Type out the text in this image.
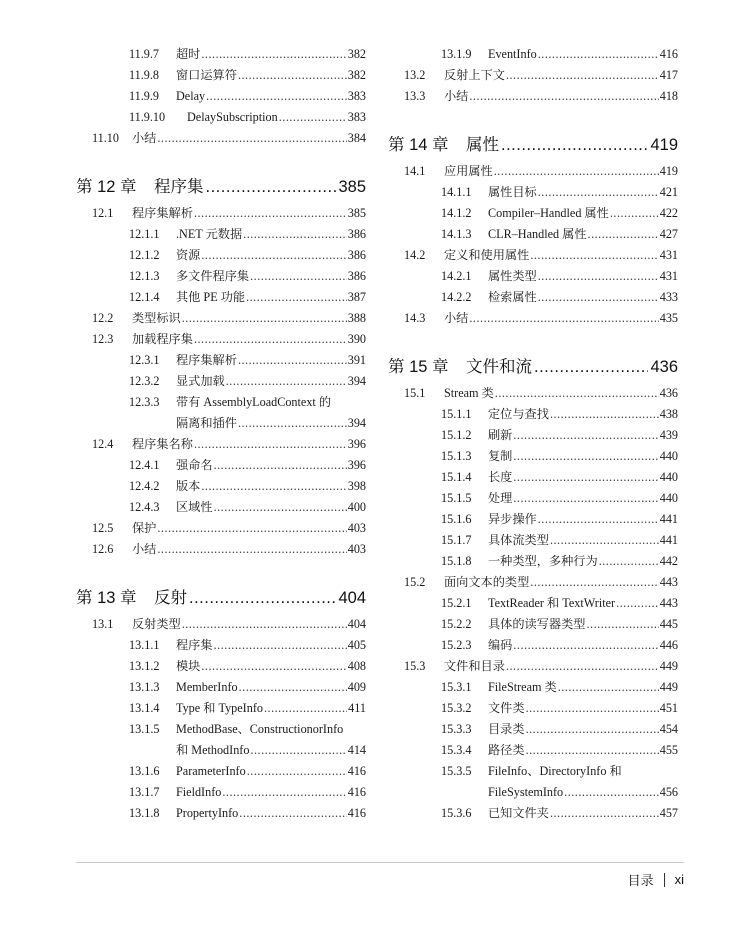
11.9.7	超时 .....	382
11.9.8	窗口运算符 .....	382
11.9.9	Delay .....	383
11.9.10	DelaySubscription .....	383
11.10	小结 .....	384
第 12 章	程序集 .....	385
12.1	程序集解析 .....	385
12.1.1	.NET 元数据 .....	386
12.1.2	资源 .....	386
12.1.3	多文件程序集 .....	386
12.1.4	其他 PE 功能 .....	387
12.2	类型标识 .....	388
12.3	加载程序集 .....	390
12.3.1	程序集解析 .....	391
12.3.2	显式加载 .....	394
12.3.3	带有 AssemblyLoadContext 的
隔离和插件 .....	394
12.4	程序集名称 .....	396
12.4.1	强命名 .....	396
12.4.2	版本 .....	398
12.4.3	区域性 .....	400
12.5	保护 .....	403
12.6	小结 .....	403
第 13 章	反射 .....	404
13.1	反射类型 .....	404
13.1.1	程序集 .....	405
13.1.2	模块 .....	408
13.1.3	MemberInfo .....	409
13.1.4	Type 和 TypeInfo .....	411
13.1.5	MethodBase、ConstructionorInfo
和 MethodInfo .....	414
13.1.6	ParameterInfo .....	416
13.1.7	FieldInfo .....	416
13.1.8	PropertyInfo .....	416
13.1.9	EventInfo .....	416
13.2	反射上下文 .....	417
13.3	小结 .....	418
第 14 章	属性 .....	419
14.1	应用属性 .....	419
14.1.1	属性目标 .....	421
14.1.2	Compiler–Handled 属性 .....	422
14.1.3	CLR–Handled 属性 .....	427
14.2	定义和使用属性 .....	431
14.2.1	属性类型 .....	431
14.2.2	检索属性 .....	433
14.3	小结 .....	435
第 15 章	文件和流 .....	436
15.1	Stream 类 .....	436
15.1.1	定位与查找 .....	438
15.1.2	刷新 .....	439
15.1.3	复制 .....	440
15.1.4	长度 .....	440
15.1.5	处理 .....	440
15.1.6	异步操作 .....	441
15.1.7	具体流类型 .....	441
15.1.8	一种类型，多种行为 .....	442
15.2	面向文本的类型 .....	443
15.2.1	TextReader 和 TextWriter .....	443
15.2.2	具体的读写器类型 .....	445
15.2.3	编码 .....	446
15.3	文件和目录 .....	449
15.3.1	FileStream 类 .....	449
15.3.2	文件类 .....	451
15.3.3	目录类 .....	454
15.3.4	路径类 .....	455
15.3.5	FileInfo、DirectoryInfo 和
FileSystemInfo .....	456
15.3.6	已知文件夹 .....	457
目录 xi
